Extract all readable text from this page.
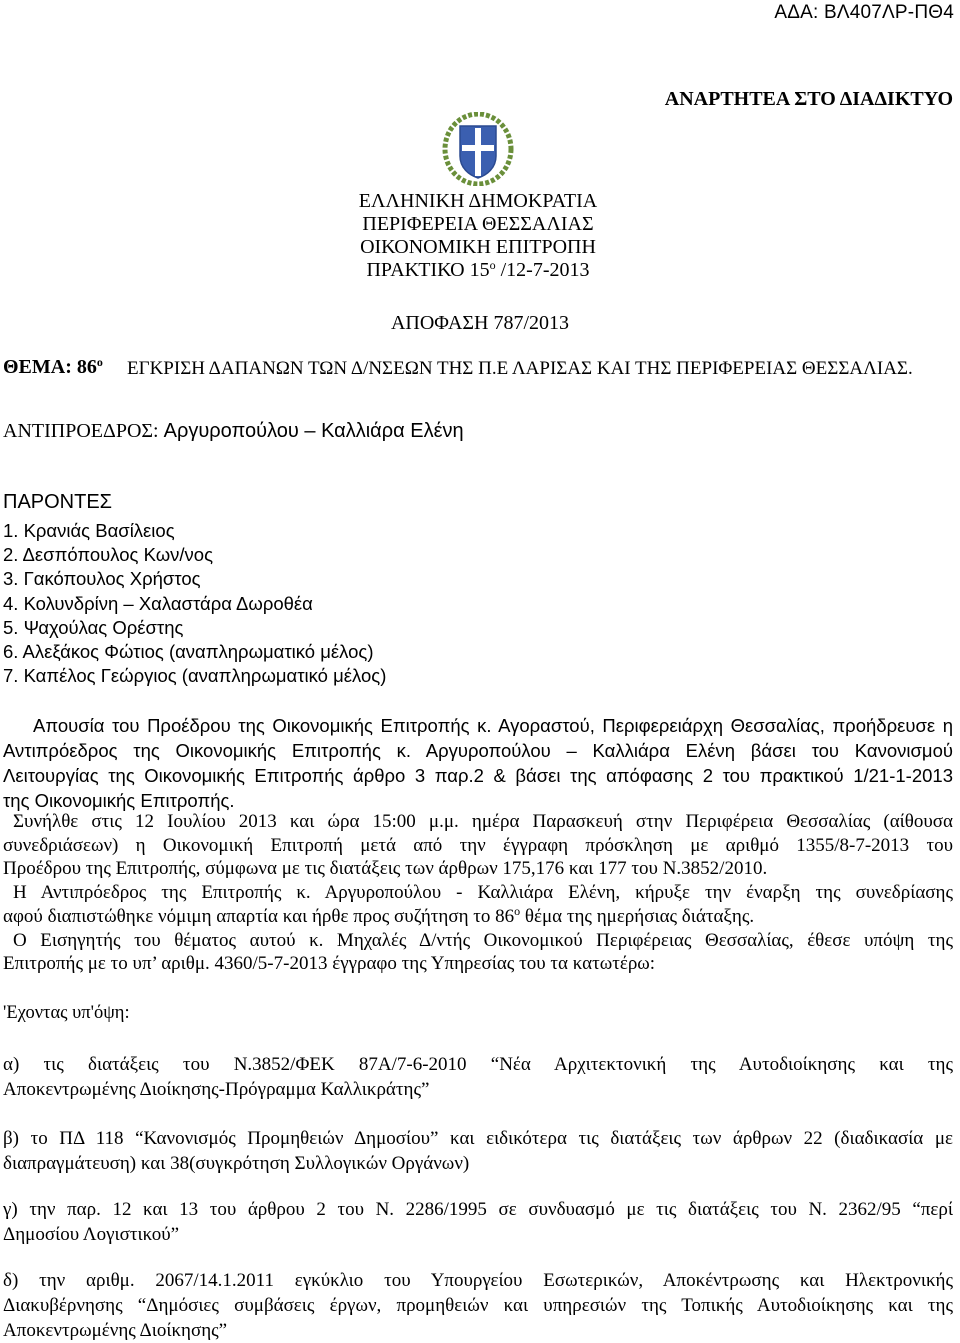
ΑΔΑ: ΒΛ407ΛΡ-ΠΘ4
ΑΝΑΡΤΗΤΕΑ ΣΤΟ ΔΙΑΔΙΚΤΥΟ
ΕΛΛΗΝΙΚΗ ΔΗΜΟΚΡΑΤΙΑ
ΠΕΡΙΦΕΡΕΙΑ ΘΕΣΣΑΛΙΑΣ
ΟΙΚΟΝΟΜΙΚΗ ΕΠΙΤΡΟΠΗ
ΠΡΑΚΤΙΚΟ $15^o$ /12-7-2013
ΑΠΟΦΑΣΗ 787/2013
ΘΕΜΑ: $86^o$ ΕΓΚΡΙΣΗ ΔΑΠΑΝΩΝ ΤΩΝ Δ/ΝΣΕΩΝ ΤΗΣ Π.Ε ΛΑΡΙΣΑΣ ΚΑΙ ΤΗΣ ΠΕΡΙΦΕΡΕΙΑΣ ΘΕΣΣΑΛΙΑΣ.
ΑΝΤΙΠΡΟΕΔΡΟΣ: Αργυροπούλου – Καλλιάρα Ελένη
ΠΑΡΟΝΤΕΣ
1. Κρανιάς Βασίλειος
2. Δεσπόπουλος Κων/νος
3. Γακόπουλος Χρήστος
4. Κολυνδρίνη – Χαλαστάρα Δωροθέα
5. Ψαχούλας Ορέστης
6. Αλεξάκος Φώτιος (αναπληρωματικό μέλος)
7. Καπέλος Γεώργιος (αναπληρωματικό μέλος)
Απουσία του Προέδρου της Οικονομικής Επιτροπής κ. Αγοραστού, Περιφερειάρχη Θεσσαλίας, προήδρευσε η
Αντιπρόεδρος της Οικονομικής Επιτροπής κ. Αργυροπούλου – Καλλιάρα Ελένη βάσει του Κανονισμού
Λειτουργίας της Οικονομικής Επιτροπής άρθρο 3 παρ.2 & βάσει της απόφασης 2 του πρακτικού 1/21-1-2013
της Οικονομικής Επιτροπής.
Συνήλθε στις 12 Ιουλίου 2013 και ώρα 15:00 μ.μ. ημέρα Παρασκευή στην Περιφέρεια Θεσσαλίας (αίθουσα
συνεδριάσεων) η Οικονομική Επιτροπή μετά από την έγγραφη πρόσκληση με αριθμό 1355/8-7-2013 του
Προέδρου της Επιτροπής, σύμφωνα με τις διατάξεις των άρθρων 175,176 και 177 του Ν.3852/2010.
Η Αντιπρόεδρος της Επιτροπής κ. Αργυροπούλου - Καλλιάρα Ελένη, κήρυξε την έναρξη της συνεδρίασης
αφού διαπιστώθηκε νόμιμη απαρτία και ήρθε προς συζήτηση το $86^o$ θέμα της ημερήσιας διάταξης.
Ο Εισηγητής του θέματος αυτού κ. Μηχαλές Δ/ντής Οικονομικού Περιφέρειας Θεσσαλίας, έθεσε υπόψη της
Επιτροπής με το υπ’ αριθμ. 4360/5-7-2013 έγγραφο της Υπηρεσίας του τα κατωτέρω:
'Εχοντας υπ'όψη:
α) τις διατάξεις του Ν.3852/ΦΕΚ 87Α/7-6-2010 “Νέα Αρχιτεκτονική της Αυτοδιοίκησης και της
Αποκεντρωμένης Διοίκησης-Πρόγραμμα Καλλικράτης”
β) το ΠΔ 118 “Κανονισμός Προμηθειών Δημοσίου” και ειδικότερα τις διατάξεις των άρθρων 22 (διαδικασία με
διαπραγμάτευση) και 38(συγκρότηση Συλλογικών Οργάνων)
γ) την παρ. 12 και 13 του άρθρου 2 του Ν. 2286/1995 σε συνδυασμό με τις διατάξεις του Ν. 2362/95 “περί
Δημοσίου Λογιστικού”
δ) την αριθμ. 2067/14.1.2011 εγκύκλιο του Υπουργείου Εσωτερικών, Αποκέντρωσης και Ηλεκτρονικής
Διακυβέρνησης “Δημόσιες συμβάσεις έργων, προμηθειών και υπηρεσιών της Τοπικής Αυτοδιοίκησης και της
Αποκεντρωμένης Διοίκησης”
